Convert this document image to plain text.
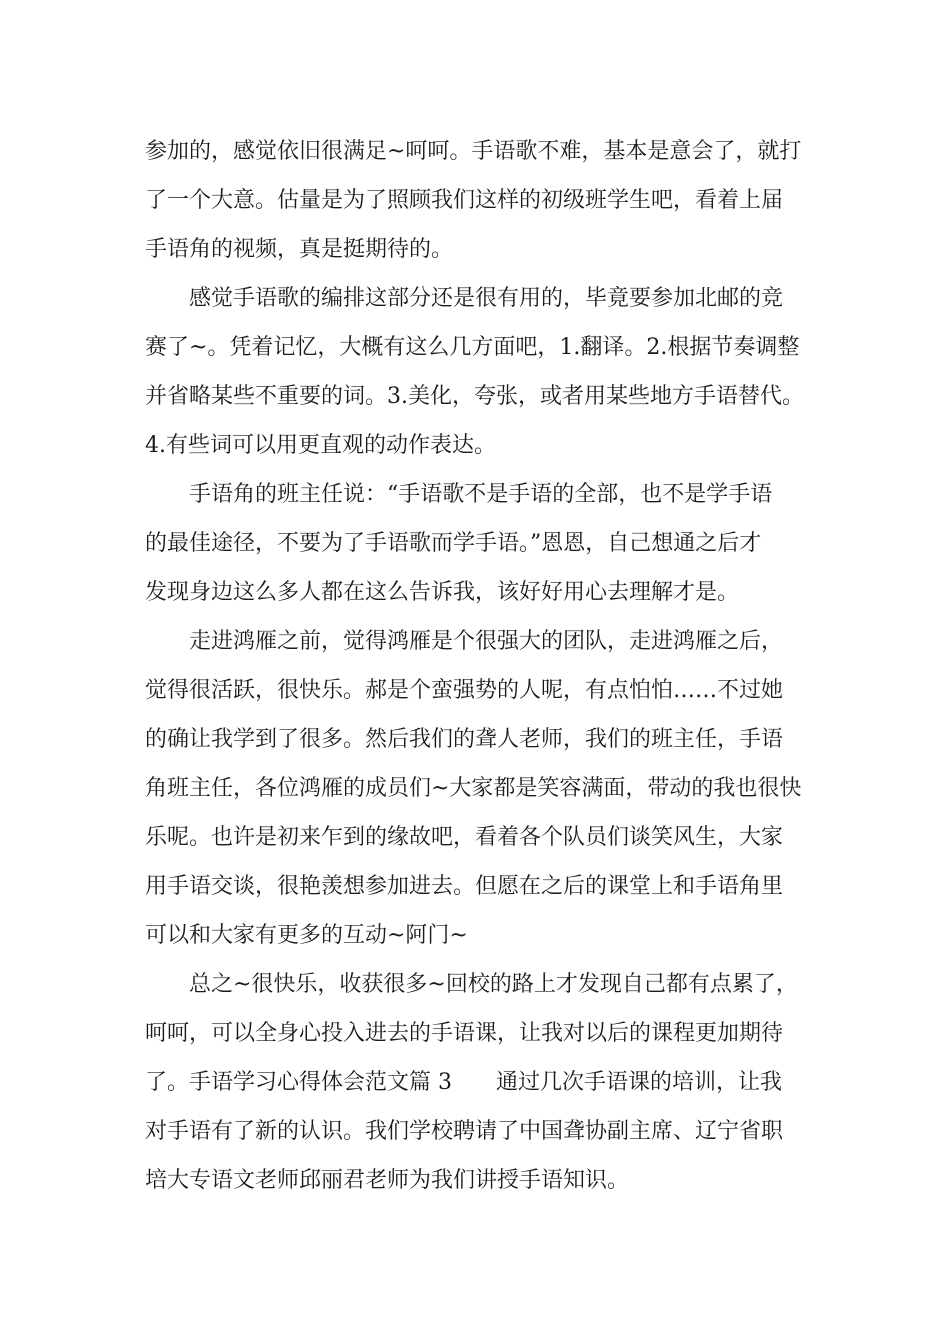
参加的，感觉依旧很满足~呵呵。手语歌不难，基本是意会了，就打
了一个大意。估量是为了照顾我们这样的初级班学生吧，看着上届
手语角的视频，真是挺期待的。

感觉手语歌的编排这部分还是很有用的，毕竟要参加北邮的竞
赛了~。凭着记忆，大概有这么几方面吧，1.翻译。2.根据节奏调整
并省略某些不重要的词。3.美化，夸张，或者用某些地方手语替代。
4.有些词可以用更直观的动作表达。

手语角的班主任说：“手语歌不是手语的全部，也不是学手语
的最佳途径，不要为了手语歌而学手语。”恩恩，自己想通之后才
发现身边这么多人都在这么告诉我，该好好用心去理解才是。

走进鸿雁之前，觉得鸿雁是个很强大的团队，走进鸿雁之后，
觉得很活跃，很快乐。郝是个蛮强势的人呢，有点怕怕……不过她
的确让我学到了很多。然后我们的聋人老师，我们的班主任，手语
角班主任，各位鸿雁的成员们~大家都是笑容满面，带动的我也很快
乐呢。也许是初来乍到的缘故吧，看着各个队员们谈笑风生，大家
用手语交谈，很艳羡想参加进去。但愿在之后的课堂上和手语角里
可以和大家有更多的互动~阿门~

总之~很快乐，收获很多~回校的路上才发现自己都有点累了，
呵呵，可以全身心投入进去的手语课，让我对以后的课程更加期待
了。手语学习心得体会范文篇 3　　通过几次手语课的培训，让我
对手语有了新的认识。我们学校聘请了中国聋协副主席、辽宁省职
培大专语文老师邱丽君老师为我们讲授手语知识。
